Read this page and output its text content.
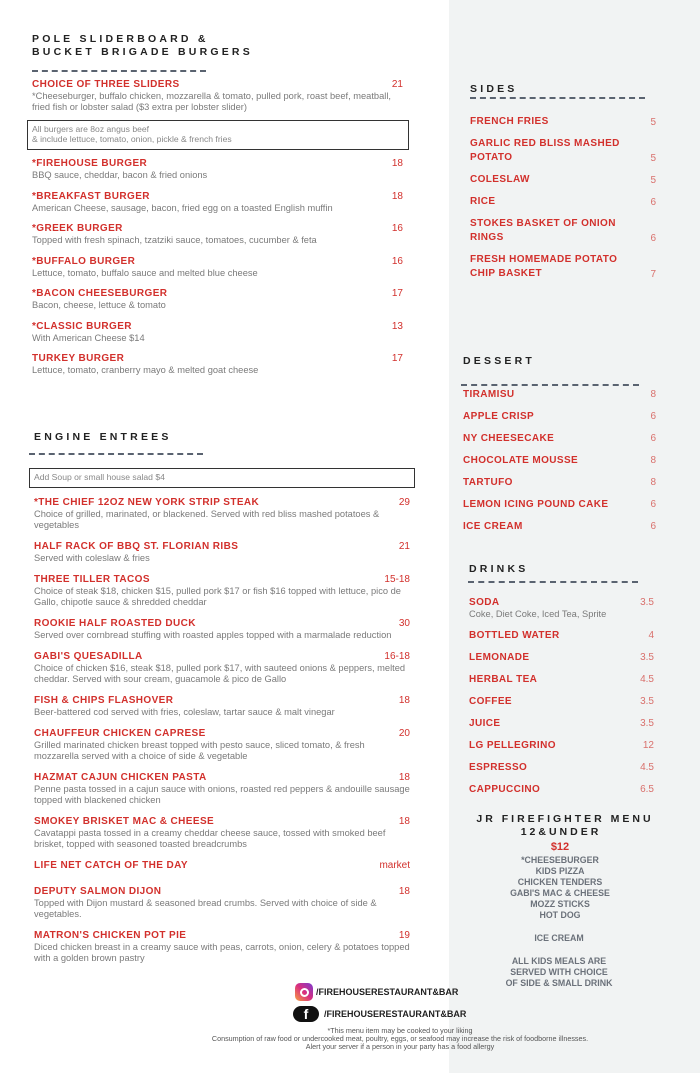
POLE SLIDERBOARD &
BUCKET BRIGADE BURGERS
CHOICE OF THREE SLIDERS	21
*Cheeseburger, buffalo chicken, mozzarella & tomato, pulled pork, roast beef, meatball, fried fish or lobster salad ($3 extra per lobster slider)
All burgers are 8oz angus beef
& include lettuce, tomato, onion, pickle & french fries
*FIREHOUSE BURGER	18
BBQ sauce, cheddar, bacon & fried onions
*BREAKFAST BURGER	18
American Cheese, sausage, bacon, fried egg on a toasted English muffin
*GREEK BURGER	16
Topped with fresh spinach, tzatziki sauce, tomatoes, cucumber & feta
*BUFFALO BURGER	16
Lettuce, tomato, buffalo sauce and melted blue cheese
*BACON CHEESEBURGER	17
Bacon, cheese, lettuce & tomato
*CLASSIC BURGER	13
With American Cheese $14
TURKEY BURGER	17
Lettuce, tomato, cranberry mayo & melted goat cheese
ENGINE ENTREES
Add Soup or small house salad $4
*THE CHIEF 12OZ NEW YORK STRIP STEAK	29
Choice of grilled, marinated, or blackened. Served with red bliss mashed potatoes & vegetables
HALF RACK OF BBQ ST. FLORIAN RIBS	21
Served with coleslaw & fries
THREE TILLER TACOS	15-18
Choice of steak $18, chicken $15, pulled pork $17 or fish $16 topped with lettuce, pico de Gallo, chipotle sauce & shredded cheddar
ROOKIE HALF ROASTED DUCK	30
Served over cornbread stuffing with roasted apples topped with a marmalade reduction
GABI'S QUESADILLA	16-18
Choice of chicken $16, steak $18, pulled pork $17, with sauteed onions & peppers, melted cheddar. Served with sour cream, guacamole & pico de Gallo
FISH & CHIPS FLASHOVER	18
Beer-battered cod served with fries, coleslaw, tartar sauce & malt vinegar
CHAUFFEUR CHICKEN CAPRESE	20
Grilled marinated chicken breast topped with pesto sauce, sliced tomato, & fresh mozzarella served with a choice of side & vegetable
HAZMAT CAJUN CHICKEN PASTA	18
Penne pasta tossed in a cajun sauce with onions, roasted red peppers & andouille sausage topped with blackened chicken
SMOKEY BRISKET MAC & CHEESE	18
Cavatappi pasta tossed in a creamy cheddar cheese sauce, tossed with smoked beef brisket, topped with seasoned toasted breadcrumbs
LIFE NET CATCH OF THE DAY	market
DEPUTY SALMON DIJON	18
Topped with Dijon mustard & seasoned bread crumbs. Served with choice of side & vegetables.
MATRON'S CHICKEN POT PIE	19
Diced chicken breast in a creamy sauce with peas, carrots, onion, celery & potatoes topped with a golden brown pastry
SIDES
FRENCH FRIES	5
GARLIC RED BLISS MASHED POTATO	5
COLESLAW	5
RICE	6
STOKES BASKET OF ONION RINGS	6
FRESH HOMEMADE POTATO CHIP BASKET	7
DESSERT
TIRAMISU	8
APPLE CRISP	6
NY CHEESECAKE	6
CHOCOLATE MOUSSE	8
TARTUFO	8
LEMON ICING POUND CAKE	6
ICE CREAM	6
DRINKS
SODA	3.5
Coke, Diet Coke, Iced Tea, Sprite
BOTTLED WATER	4
LEMONADE	3.5
HERBAL TEA	4.5
COFFEE	3.5
JUICE	3.5
LG PELLEGRINO	12
ESPRESSO	4.5
CAPPUCCINO	6.5
JR FIREFIGHTER MENU
12&UNDER
$12
*CHEESEBURGER
KIDS PIZZA
CHICKEN TENDERS
GABI'S MAC & CHEESE
MOZZ STICKS
HOT DOG
ICE CREAM
ALL KIDS MEALS ARE
SERVED WITH CHOICE
OF SIDE & SMALL DRINK
/FIREHOUSERESTAURANT&BAR
f	/FIREHOUSERESTAURANT&BAR
*This menu item may be cooked to your liking
Consumption of raw food or undercooked meat, poultry, eggs, or seafood may increase the risk of foodborne illnesses.
Alert your server if a person in your party has a food allergy
